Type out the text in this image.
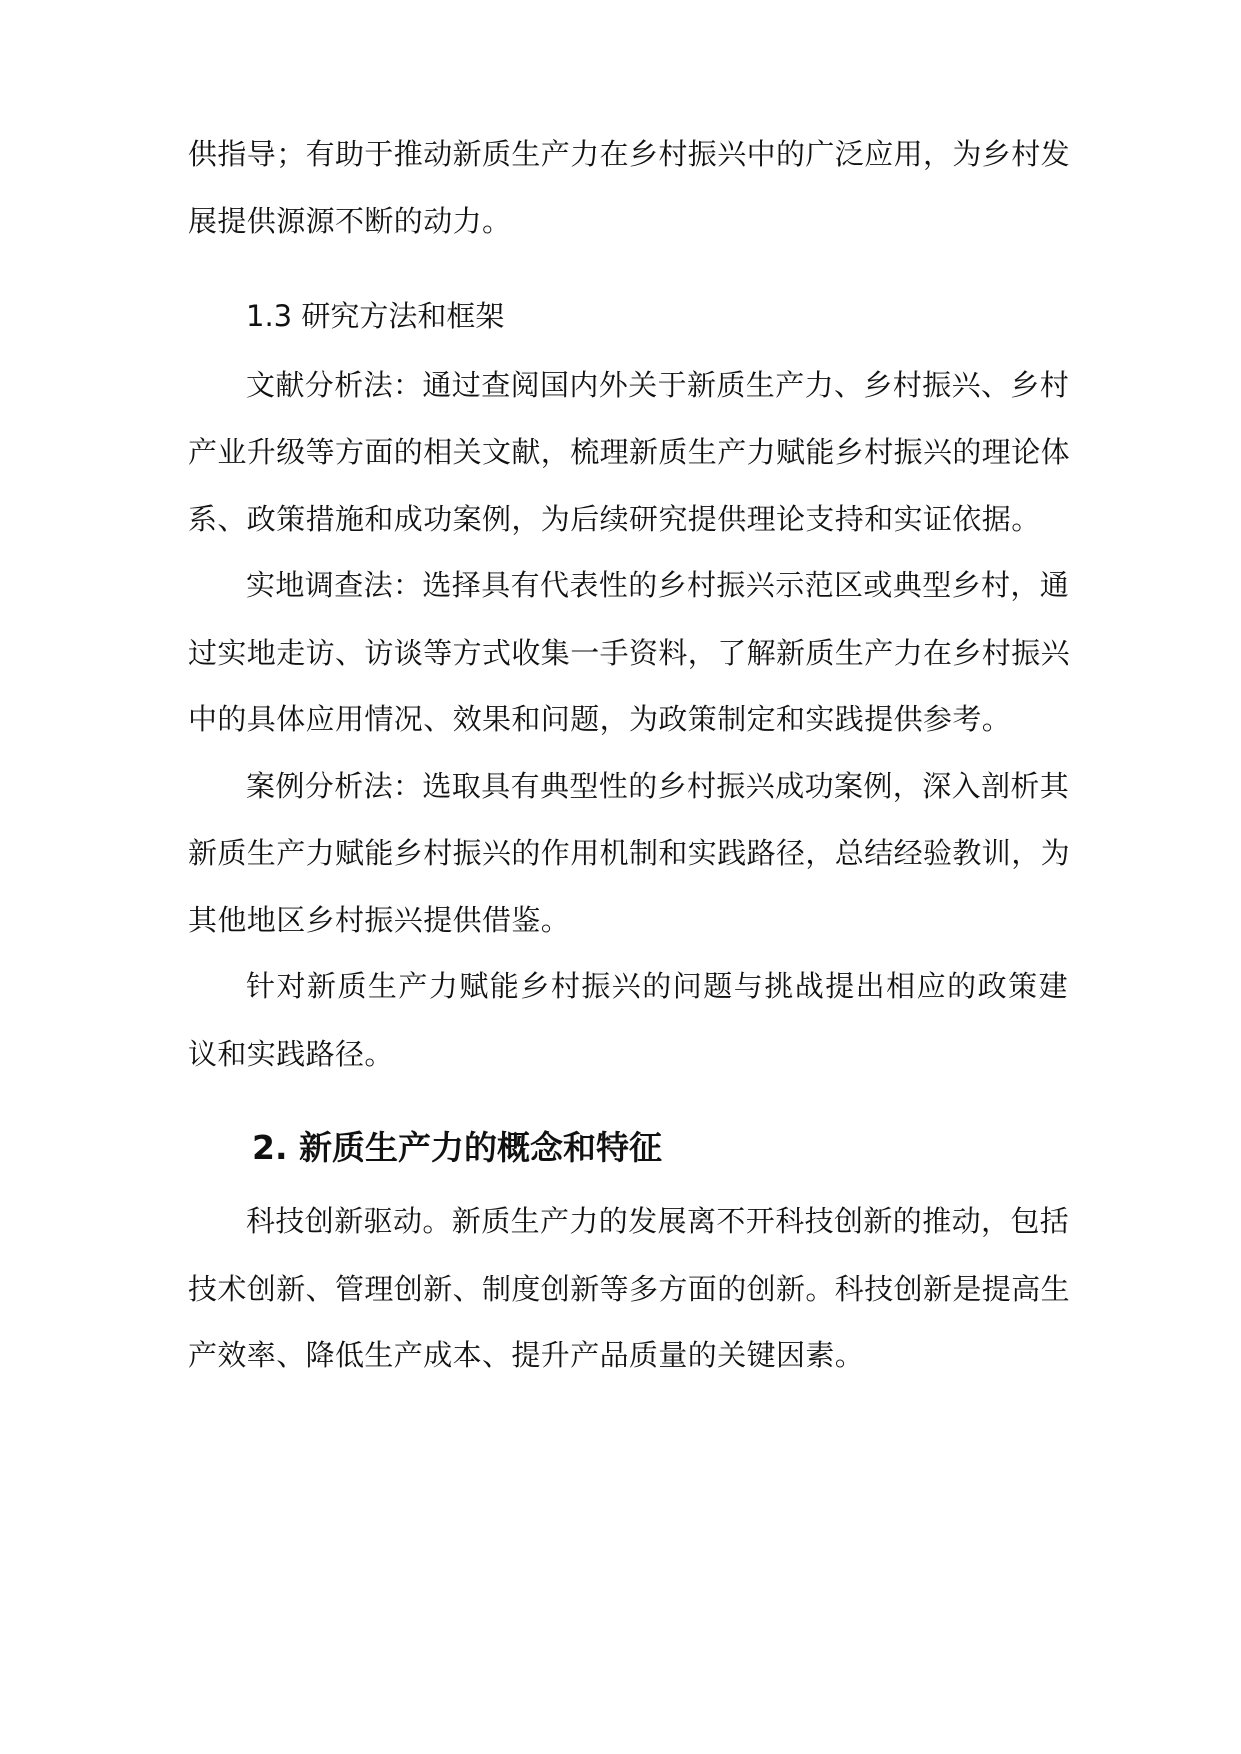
供指导；有助于推动新质生产力在乡村振兴中的广泛应用，为乡村发
展提供源源不断的动力。
1.3 研究方法和框架
文献分析法：通过查阅国内外关于新质生产力、乡村振兴、乡村
产业升级等方面的相关文献，梳理新质生产力赋能乡村振兴的理论体
系、政策措施和成功案例，为后续研究提供理论支持和实证依据。
实地调查法：选择具有代表性的乡村振兴示范区或典型乡村，通
过实地走访、访谈等方式收集一手资料，了解新质生产力在乡村振兴
中的具体应用情况、效果和问题，为政策制定和实践提供参考。
案例分析法：选取具有典型性的乡村振兴成功案例，深入剖析其
新质生产力赋能乡村振兴的作用机制和实践路径，总结经验教训，为
其他地区乡村振兴提供借鉴。
针对新质生产力赋能乡村振兴的问题与挑战提出相应的政策建
议和实践路径。
2. 新质生产力的概念和特征
科技创新驱动。新质生产力的发展离不开科技创新的推动，包括
技术创新、管理创新、制度创新等多方面的创新。科技创新是提高生
产效率、降低生产成本、提升产品质量的关键因素。
